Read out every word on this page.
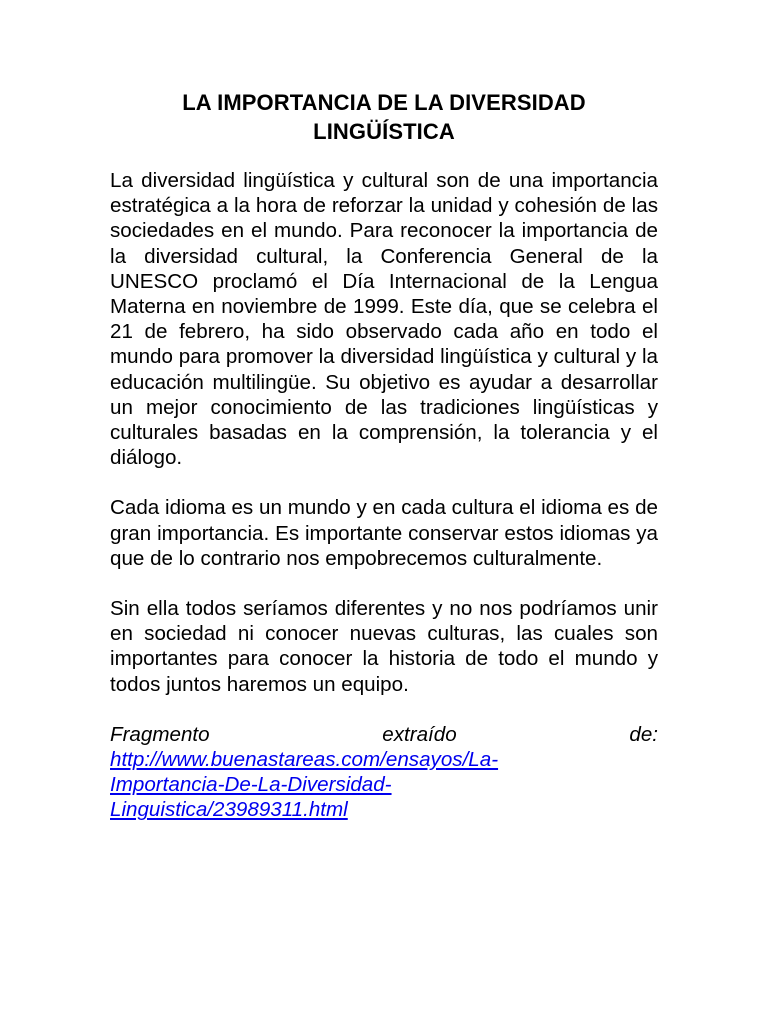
LA IMPORTANCIA DE LA DIVERSIDAD
LINGÜÍSTICA

La diversidad lingüística y cultural son de una importancia estratégica a la hora de reforzar la unidad y cohesión de las sociedades en el mundo. Para reconocer la importancia de la diversidad cultural, la Conferencia General de la UNESCO proclamó el Día Internacional de la Lengua Materna en noviembre de 1999. Este día, que se celebra el 21 de febrero, ha sido observado cada año en todo el mundo para promover la diversidad lingüística y cultural y la educación multilingüe. Su objetivo es ayudar a desarrollar un mejor conocimiento de las tradiciones lingüísticas y culturales basadas en la comprensión, la tolerancia y el diálogo.

Cada idioma es un mundo y en cada cultura el idioma es de gran importancia. Es importante conservar estos idiomas ya que de lo contrario nos empobrecemos culturalmente.

Sin ella todos seríamos diferentes y no nos podríamos unir en sociedad ni conocer nuevas culturas, las cuales son importantes para conocer la historia de todo el mundo y todos juntos haremos un equipo.

Fragmento	extraído	de:
http://www.buenastareas.com/ensayos/La-
Importancia-De-La-Diversidad-
Linguistica/23989311.html
